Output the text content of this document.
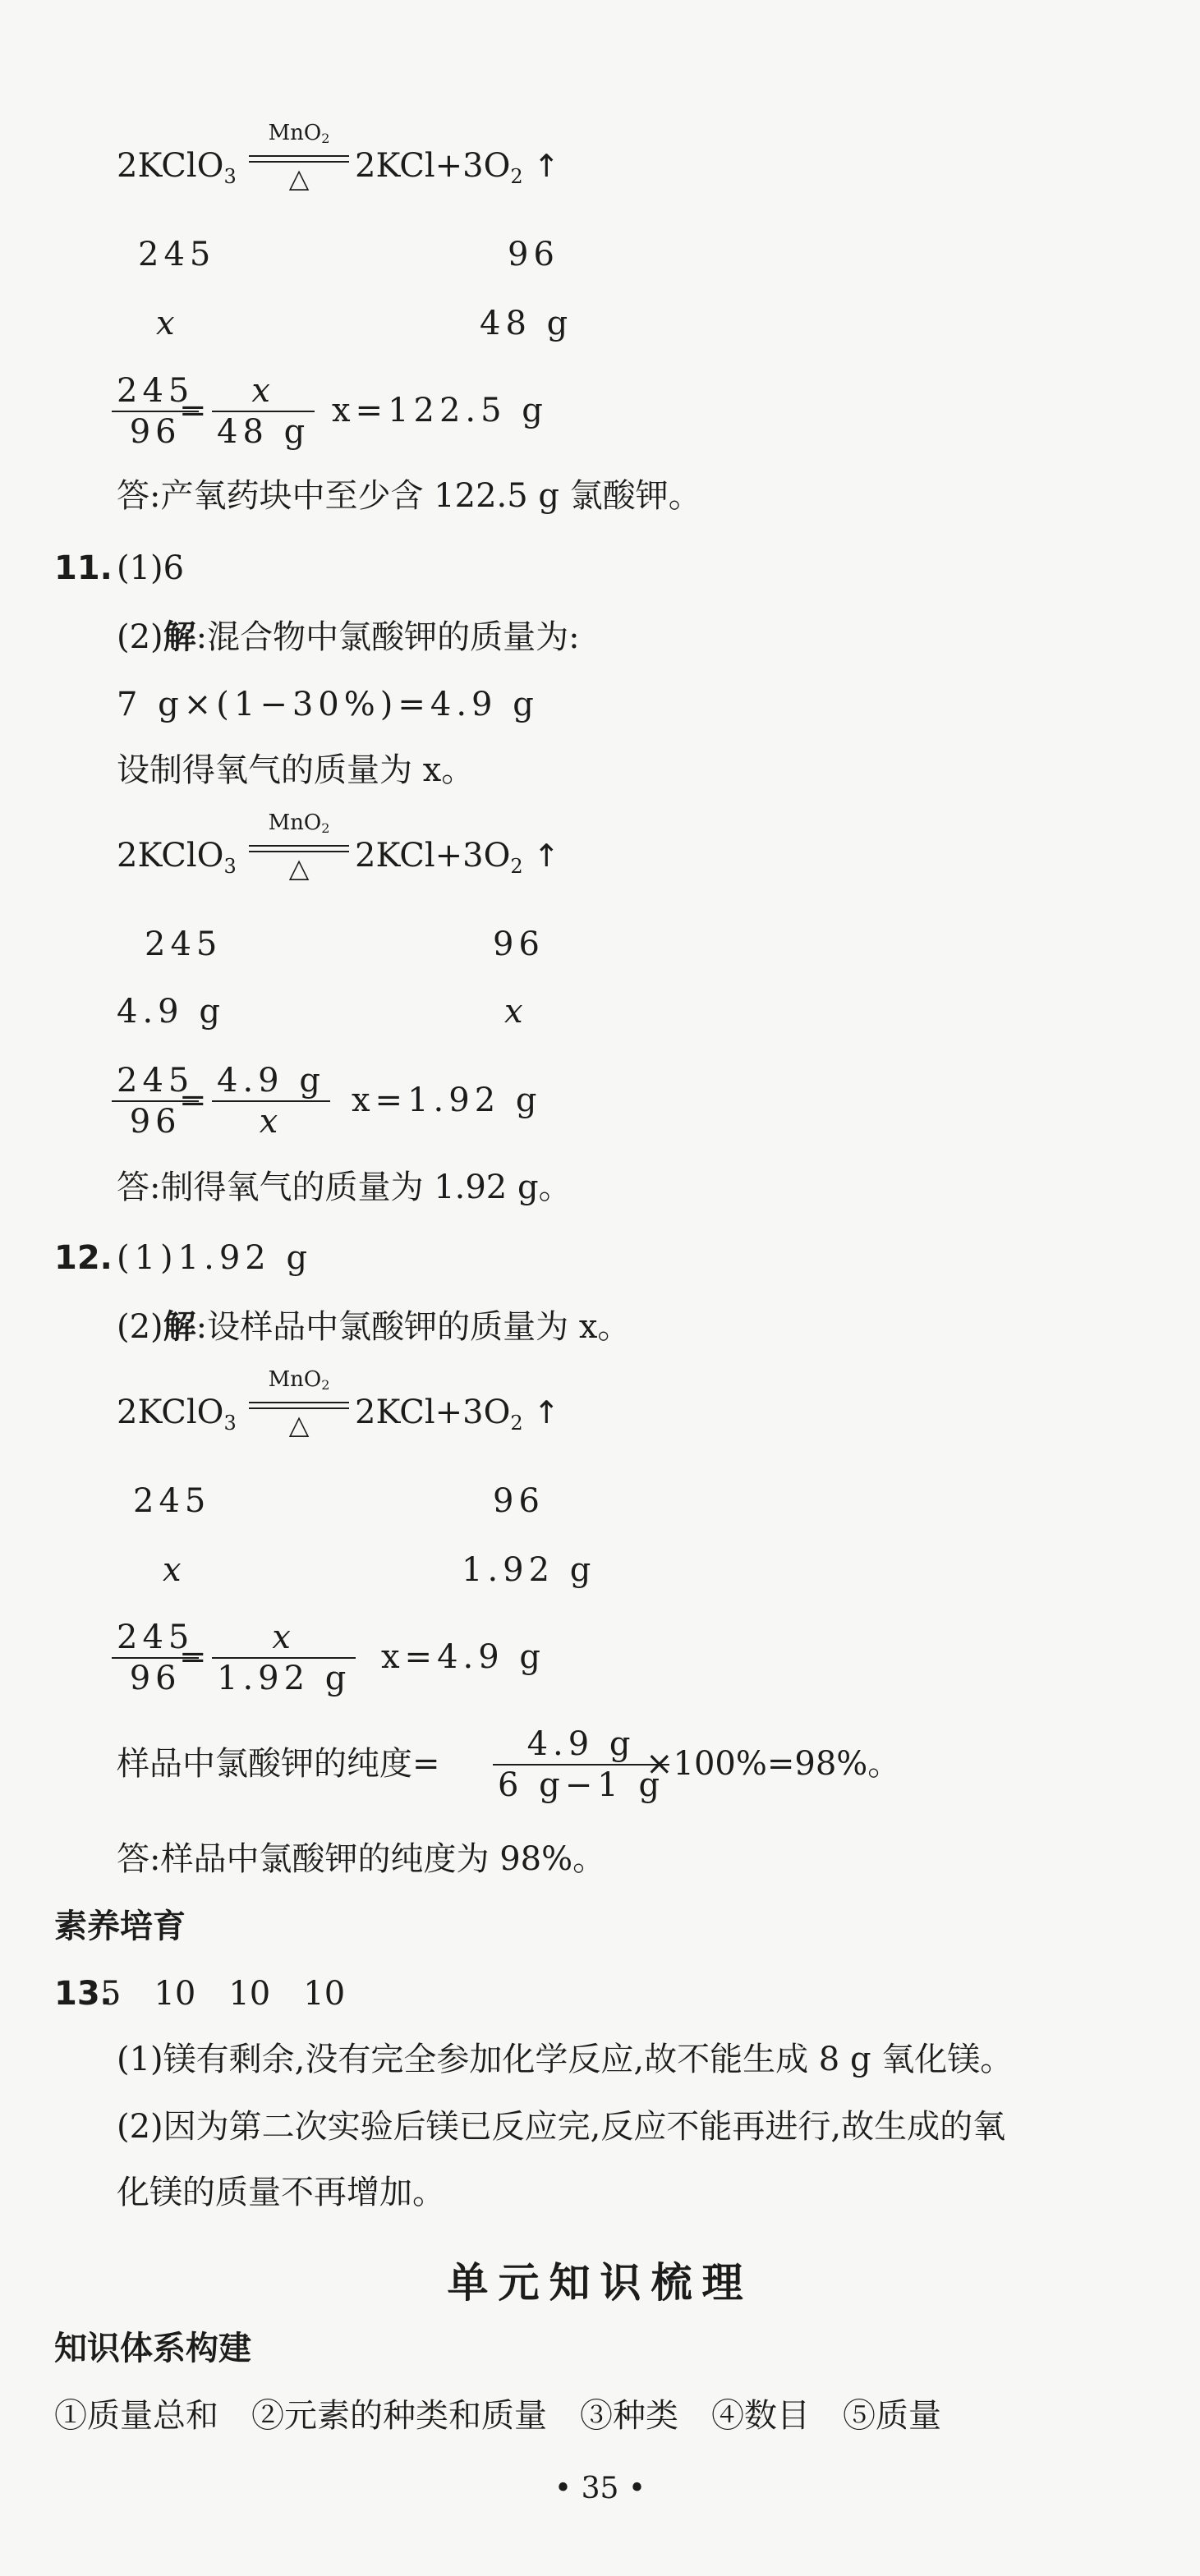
2KClO$_3$
MnO$_2$
△	$2KCl+3O_2$ ↑
245	96
x	48 g
$\frac{245}{96}$
= $\frac{x}{48 g} x=122.5$ g
答:产氧药块中至少含 122.5 g 氯酸钾。
11. (1)6
(2)解:混合物中氯酸钾的质量为:
7 g×(1−30%)=4.9 g
设制得氧气的质量为 x。
2KClO$_3$
MnO$_2$
△	$2KCl+3O_2$ ↑
245	96
4.9 g	x
$\frac{245}{96}$
= $\frac{4.9 g}{x} x=1.92$ g
答:制得氧气的质量为 1.92 g。
12. (1)1.92 g
(2)解:设样品中氯酸钾的质量为 x。
2KClO$_3$
MnO$_2$
△	$2KCl+3O_2$ ↑
245	96
x	1.92 g
$\frac{245}{96}$
= $\frac{x}{1.92 g} x=4.9$ g
样品中氯酸钾的纯度= $\frac{4.9 g}{6 g-1 g}$
×100%=98%。
答:样品中氯酸钾的纯度为 98%。
素养培育
13.
5　10　10　10
(1)镁有剩余,没有完全参加化学反应,故不能生成 8 g 氧化镁。
(2)因为第二次实验后镁已反应完,反应不能再进行,故生成的氧
化镁的质量不再增加。
单元知识梳理
知识体系构建
①质量总和　②元素的种类和质量　③种类　④数目　⑤质量
• 35 •
